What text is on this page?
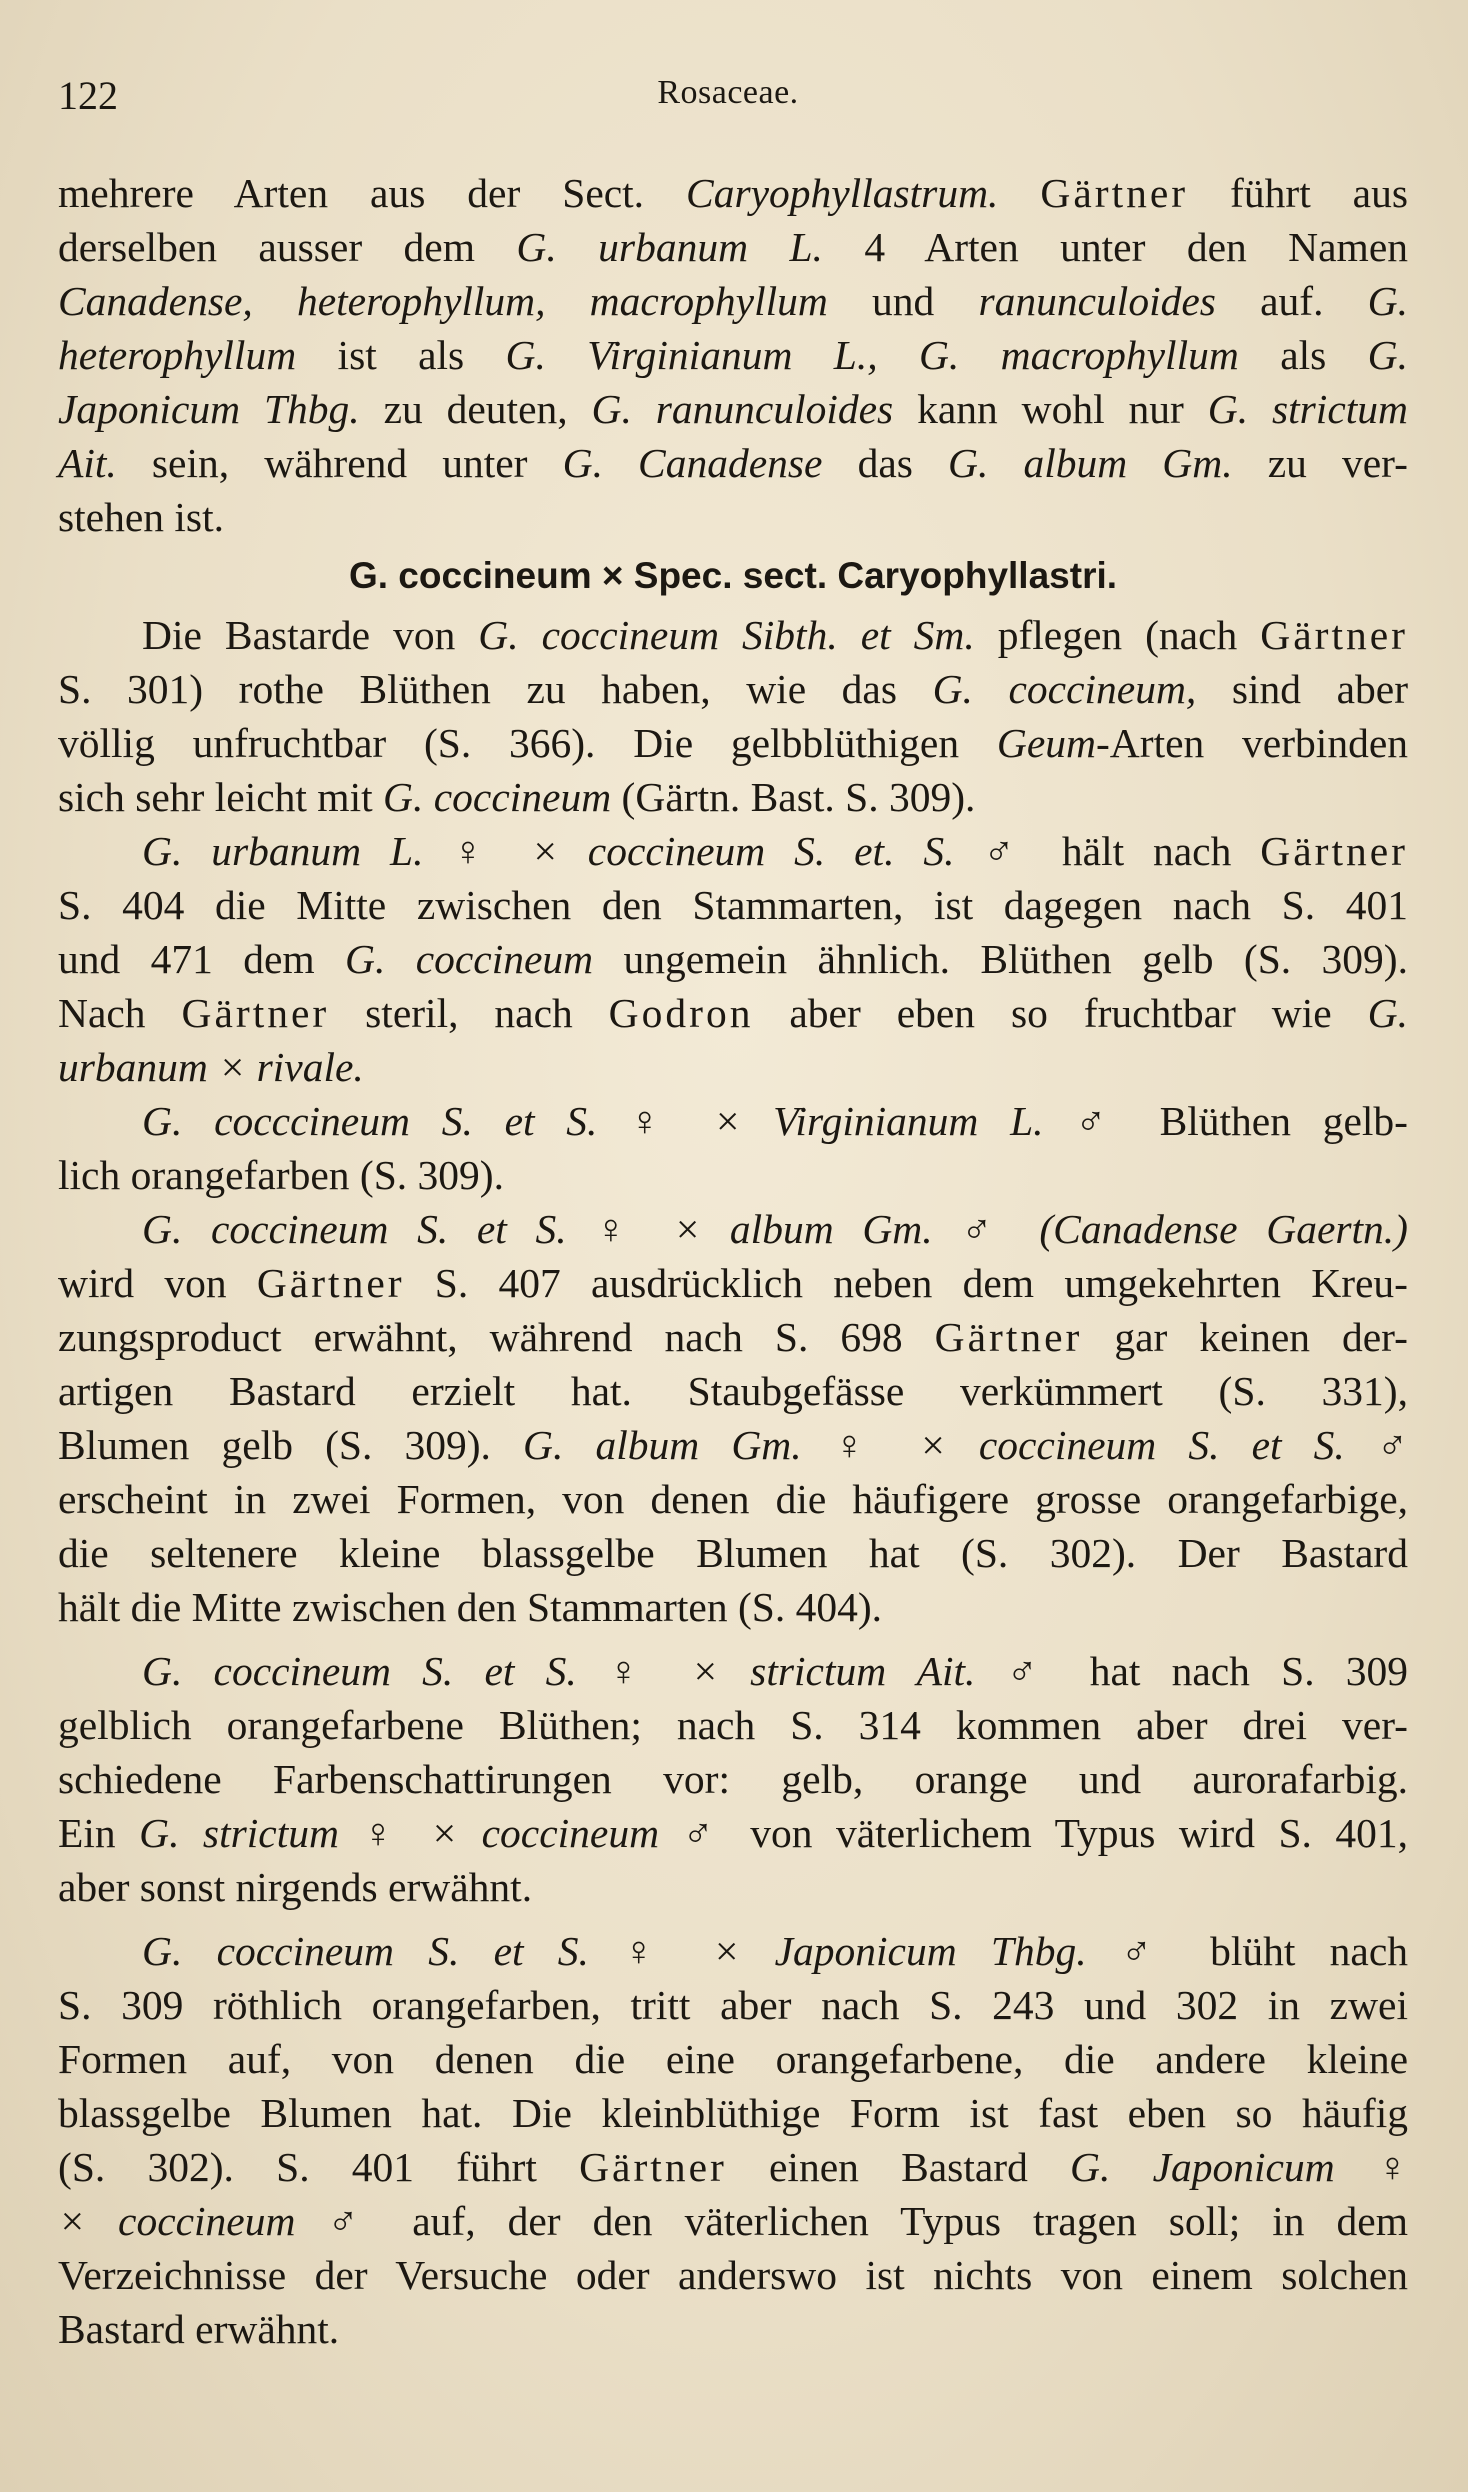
122	Rosaceae.
mehrere Arten aus der Sect. Caryophyllastrum. Gärtner führt aus
derselben ausser dem G. urbanum L. 4 Arten unter den Namen
Canadense, heterophyllum, macrophyllum und ranunculoides auf. G.
heterophyllum ist als G. Virginianum L., G. macrophyllum als G.
Japonicum Thbg. zu deuten, G. ranunculoides kann wohl nur G. strictum
Ait. sein, während unter G. Canadense das G. album Gm. zu ver-
stehen ist.
G. coccineum × Spec. sect. Caryophyllastri.
Die Bastarde von G. coccineum Sibth. et Sm. pflegen (nach Gärtner
S. 301) rothe Blüthen zu haben, wie das G. coccineum, sind aber
völlig unfruchtbar (S. 366). Die gelbblüthigen Geum-Arten verbinden
sich sehr leicht mit G. coccineum (Gärtn. Bast. S. 309).
G. urbanum L. ♀ × coccineum S. et. S. ♂ hält nach Gärtner
S. 404 die Mitte zwischen den Stammarten, ist dagegen nach S. 401
und 471 dem G. coccineum ungemein ähnlich. Blüthen gelb (S. 309).
Nach Gärtner steril, nach Godron aber eben so fruchtbar wie G.
urbanum × rivale.
G. cocccineum S. et S. ♀ × Virginianum L. ♂ Blüthen gelb-
lich orangefarben (S. 309).
G. coccineum S. et S. ♀ × album Gm. ♂ (Canadense Gaertn.)
wird von Gärtner S. 407 ausdrücklich neben dem umgekehrten Kreu-
zungsproduct erwähnt, während nach S. 698 Gärtner gar keinen der-
artigen Bastard erzielt hat. Staubgefässe verkümmert (S. 331),
Blumen gelb (S. 309). G. album Gm. ♀ × coccineum S. et S. ♂
erscheint in zwei Formen, von denen die häufigere grosse orangefarbige,
die seltenere kleine blassgelbe Blumen hat (S. 302). Der Bastard
hält die Mitte zwischen den Stammarten (S. 404).
G. coccineum S. et S. ♀ × strictum Ait. ♂ hat nach S. 309
gelblich orangefarbene Blüthen; nach S. 314 kommen aber drei ver-
schiedene Farbenschattirungen vor: gelb, orange und aurorafarbig.
Ein G. strictum ♀ × coccineum ♂ von väterlichem Typus wird S. 401,
aber sonst nirgends erwähnt.
G. coccineum S. et S. ♀ × Japonicum Thbg. ♂ blüht nach
S. 309 röthlich orangefarben, tritt aber nach S. 243 und 302 in zwei
Formen auf, von denen die eine orangefarbene, die andere kleine
blassgelbe Blumen hat. Die kleinblüthige Form ist fast eben so häufig
(S. 302). S. 401 führt Gärtner einen Bastard G. Japonicum ♀
× coccineum ♂ auf, der den väterlichen Typus tragen soll; in dem
Verzeichnisse der Versuche oder anderswo ist nichts von einem solchen
Bastard erwähnt.
